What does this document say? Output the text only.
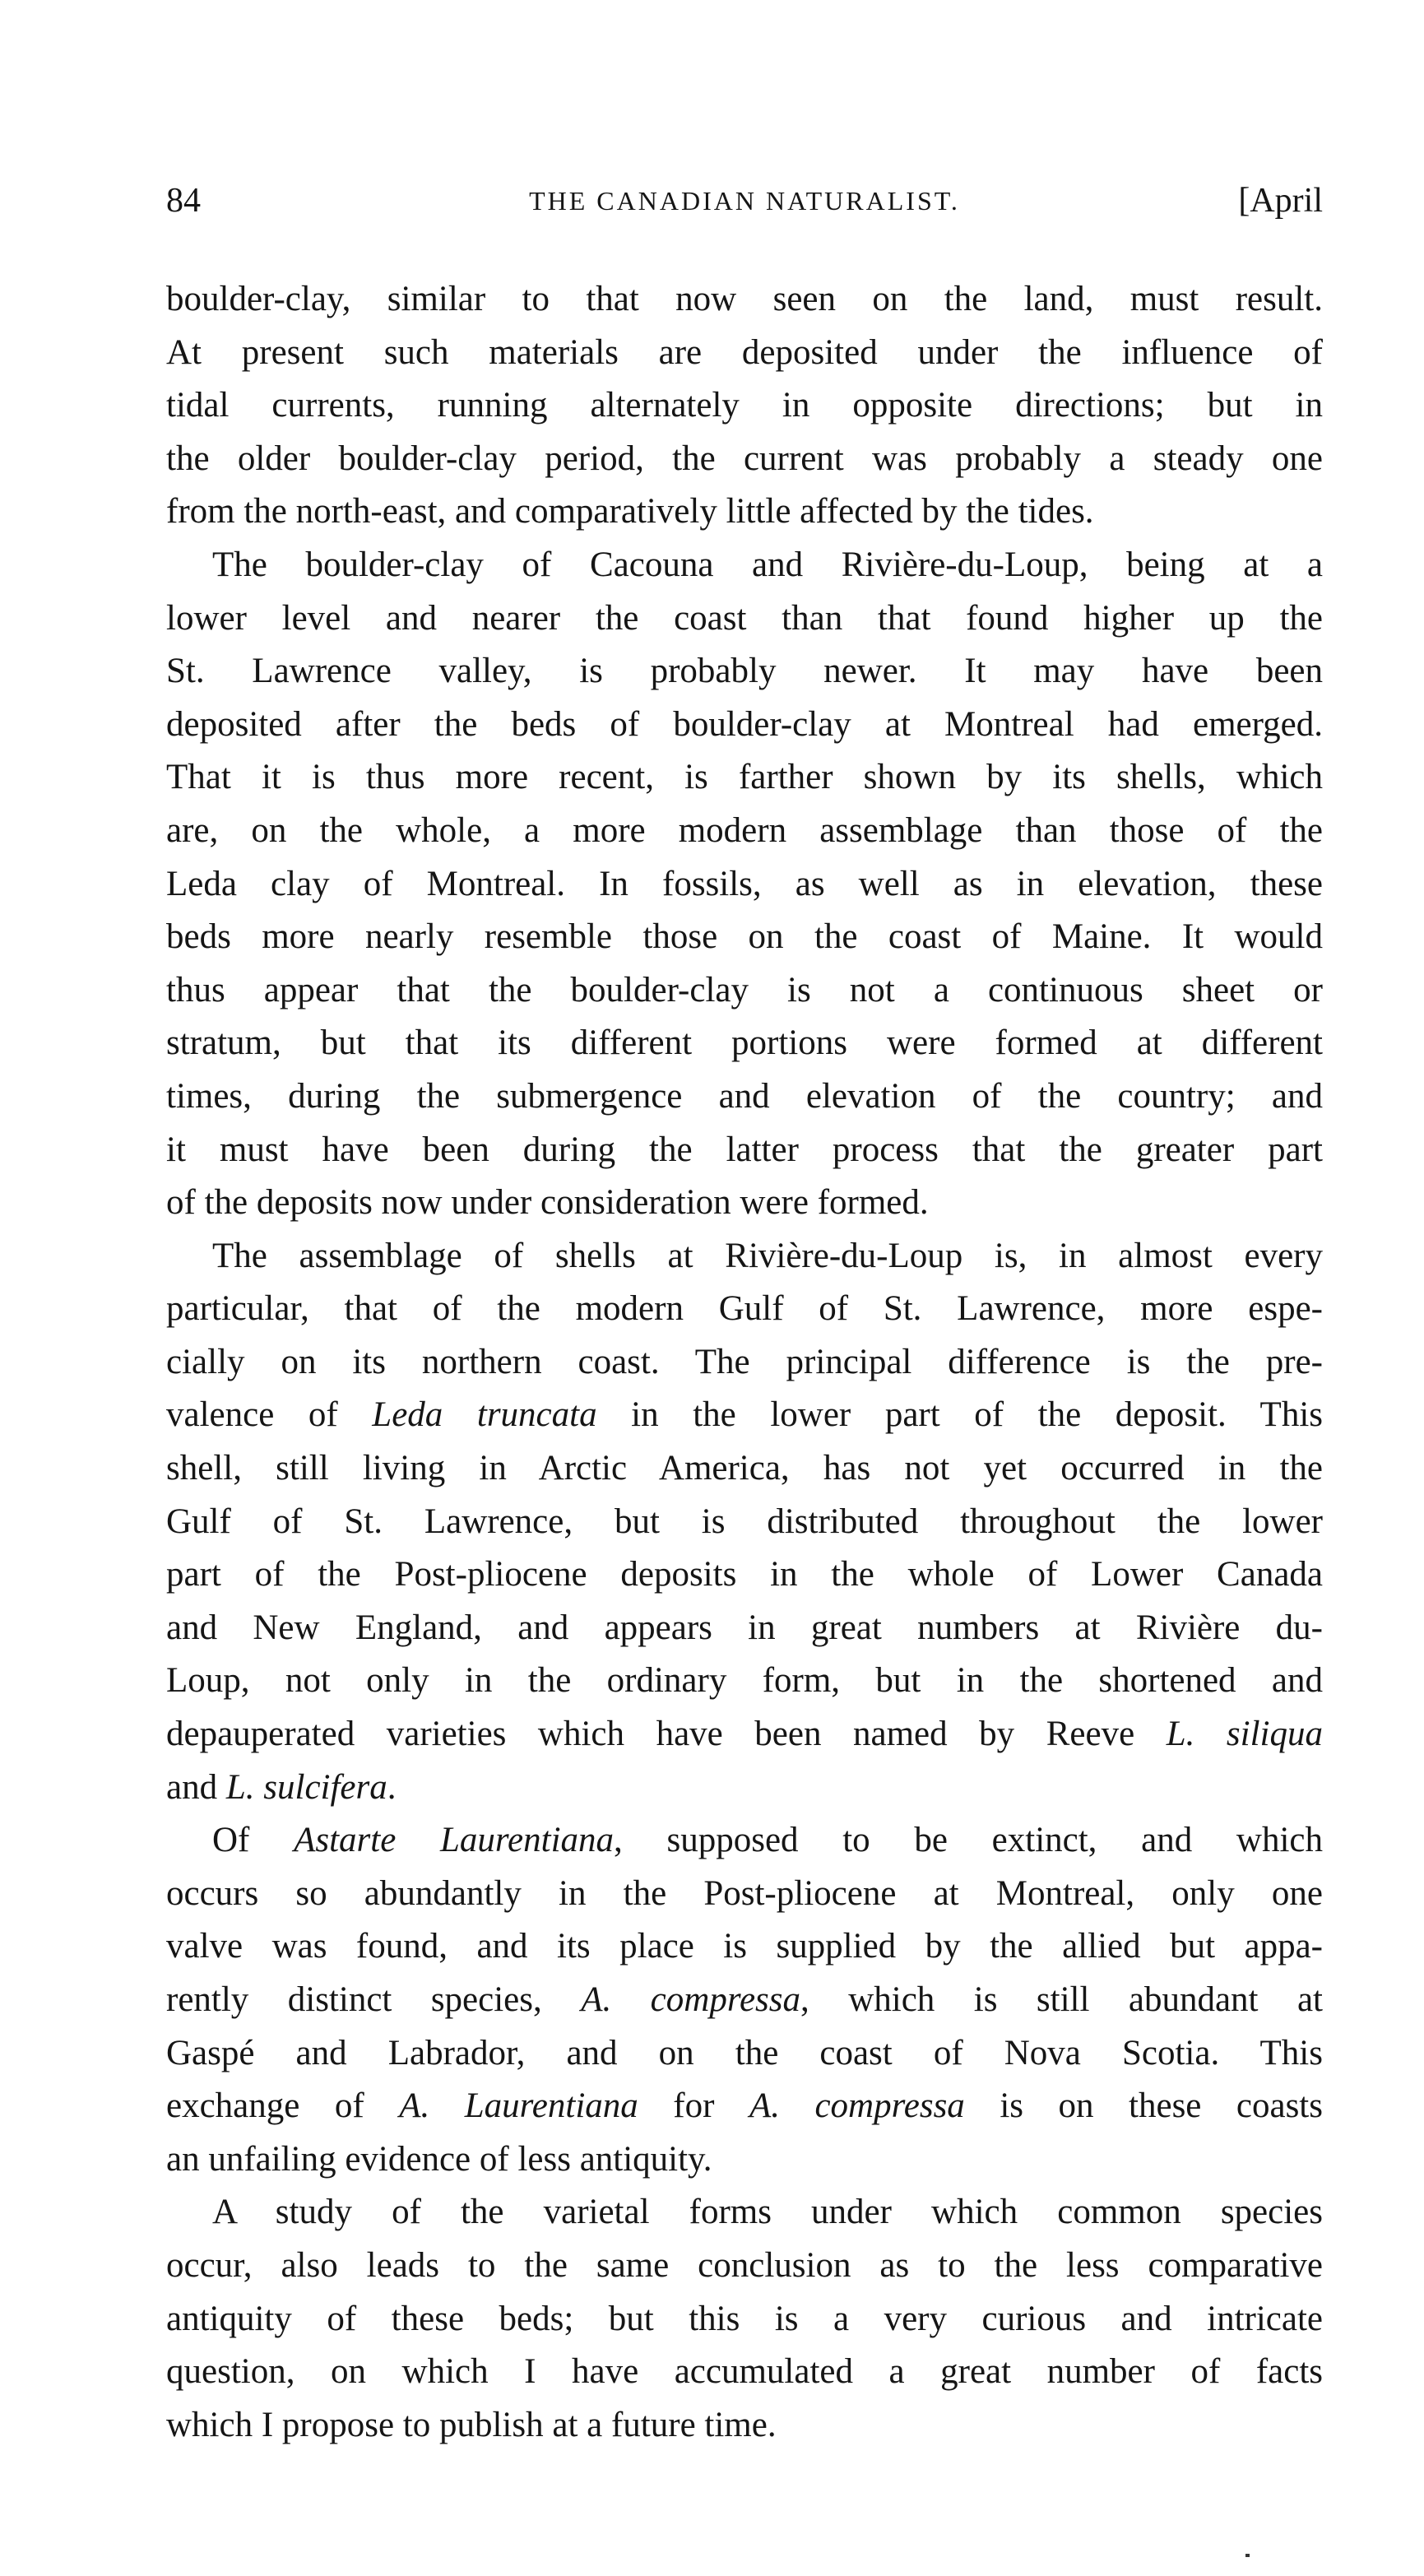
84	THE CANADIAN NATURALIST.	[April
boulder-clay, similar to that now seen on the land, must result.
At present such materials are deposited under the influence of
tidal currents, running alternately in opposite directions; but in
the older boulder-clay period, the current was probably a steady one
from the north-east, and comparatively little affected by the tides.
The boulder-clay of Cacouna and Rivière-du-Loup, being at a
lower level and nearer the coast than that found higher up the
St. Lawrence valley, is probably newer. It may have been
deposited after the beds of boulder-clay at Montreal had emerged.
That it is thus more recent, is farther shown by its shells, which
are, on the whole, a more modern assemblage than those of the
Leda clay of Montreal. In fossils, as well as in elevation, these
beds more nearly resemble those on the coast of Maine. It would
thus appear that the boulder-clay is not a continuous sheet or
stratum, but that its different portions were formed at different
times, during the submergence and elevation of the country; and
it must have been during the latter process that the greater part
of the deposits now under consideration were formed.
The assemblage of shells at Rivière-du-Loup is, in almost every
particular, that of the modern Gulf of St. Lawrence, more espe-
cially on its northern coast. The principal difference is the pre-
valence of Leda truncata in the lower part of the deposit. This
shell, still living in Arctic America, has not yet occurred in the
Gulf of St. Lawrence, but is distributed throughout the lower
part of the Post-pliocene deposits in the whole of Lower Canada
and New England, and appears in great numbers at Rivière du-
Loup, not only in the ordinary form, but in the shortened and
depauperated varieties which have been named by Reeve L. siliqua
and L. sulcifera.
Of Astarte Laurentiana, supposed to be extinct, and which
occurs so abundantly in the Post-pliocene at Montreal, only one
valve was found, and its place is supplied by the allied but appa-
rently distinct species, A. compressa, which is still abundant at
Gaspé and Labrador, and on the coast of Nova Scotia. This
exchange of A. Laurentiana for A. compressa is on these coasts
an unfailing evidence of less antiquity.
A study of the varietal forms under which common species
occur, also leads to the same conclusion as to the less comparative
antiquity of these beds; but this is a very curious and intricate
question, on which I have accumulated a great number of facts
which I propose to publish at a future time.
